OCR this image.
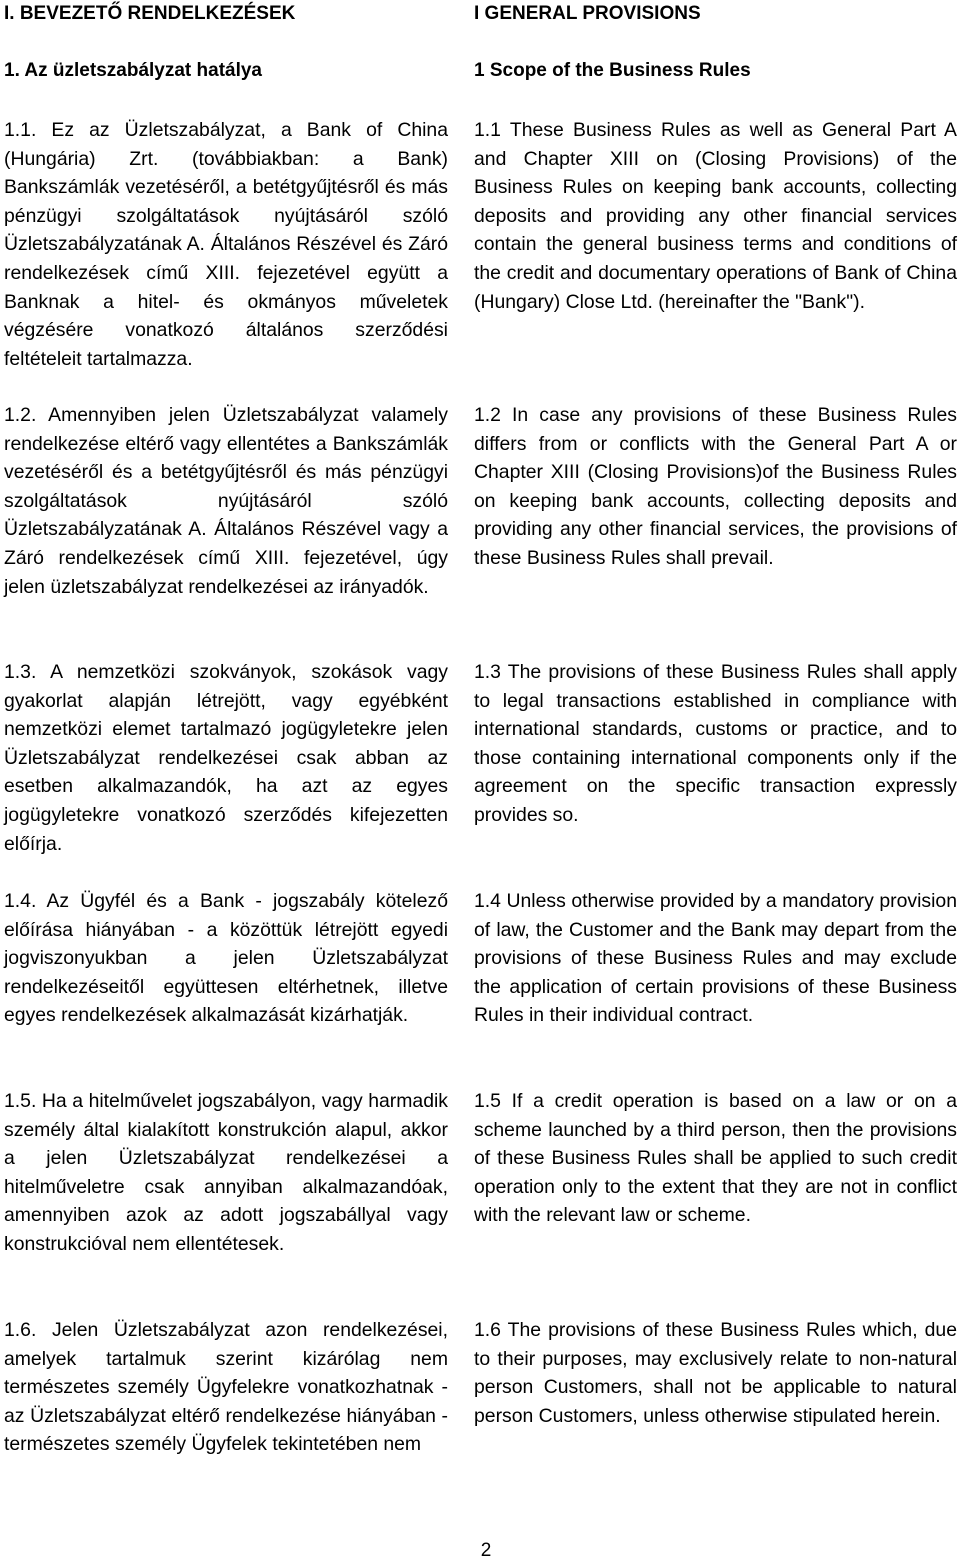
I. BEVEZETŐ RENDELKEZÉSEK
1. Az üzletszabályzat hatálya
1.1. Ez az Üzletszabályzat, a Bank of China (Hungária) Zrt. (továbbiakban: a Bank) Bankszámlák vezetéséről, a betétgyűjtésről és más pénzügyi szolgáltatások nyújtásáról szóló Üzletszabályzatának A. Általános Részével és Záró rendelkezések című XIII. fejezetével együtt a Banknak a hitel- és okmányos műveletek végzésére vonatkozó általános szerződési feltételeit tartalmazza.
1.2. Amennyiben jelen Üzletszabályzat valamely rendelkezése eltérő vagy ellentétes a Bankszámlák vezetéséről és a betétgyűjtésről és más pénzügyi szolgáltatások nyújtásáról szóló Üzletszabályzatának A. Általános Részével vagy a Záró rendelkezések című XIII. fejezetével, úgy jelen üzletszabályzat rendelkezései az irányadók.
1.3. A nemzetközi szokványok, szokások vagy gyakorlat alapján létrejött, vagy egyébként nemzetközi elemet tartalmazó jogügyletekre jelen Üzletszabályzat rendelkezései csak abban az esetben alkalmazandók, ha azt az egyes jogügyletekre vonatkozó szerződés kifejezetten előírja.
1.4. Az Ügyfél és a Bank - jogszabály kötelező előírása hiányában - a közöttük létrejött egyedi jogviszonyukban a jelen Üzletszabályzat rendelkezéseitől együttesen eltérhetnek, illetve egyes rendelkezések alkalmazását kizárhatják.
1.5. Ha a hitelművelet jogszabályon, vagy harmadik személy által kialakított konstrukción alapul, akkor a jelen Üzletszabályzat rendelkezései a hitelműveletre csak annyiban alkalmazandóak, amennyiben azok az adott jogszabállyal vagy konstrukcióval nem ellentétesek.
1.6. Jelen Üzletszabályzat azon rendelkezései, amelyek tartalmuk szerint kizárólag nem természetes személy Ügyfelekre vonatkozhatnak - az Üzletszabályzat eltérő rendelkezése hiányában - természetes személy Ügyfelek tekintetében nem
I GENERAL PROVISIONS
1 Scope of the Business Rules
1.1 These Business Rules as well as General Part A and Chapter XIII on (Closing Provisions) of the Business Rules on keeping bank accounts, collecting deposits and providing any other financial services contain the general business terms and conditions of the credit and documentary operations of Bank of China (Hungary) Close Ltd. (hereinafter the "Bank").
1.2 In case any provisions of these Business Rules differs from or conflicts with the General Part A or Chapter XIII (Closing Provisions)of the Business Rules on keeping bank accounts, collecting deposits and providing any other financial services, the provisions of these Business Rules shall prevail.
1.3 The provisions of these Business Rules shall apply to legal transactions established in compliance with international standards, customs or practice, and to those containing international components only if the agreement on the specific transaction expressly provides so.
1.4 Unless otherwise provided by a mandatory provision of law, the Customer and the Bank may depart from the provisions of these Business Rules and may exclude the application of certain provisions of these Business Rules in their individual contract.
1.5 If a credit operation is based on a law or on a scheme launched by a third person, then the provisions of these Business Rules shall be applied to such credit operation only to the extent that they are not in conflict with the relevant law or scheme.
1.6 The provisions of these Business Rules which, due to their purposes, may exclusively relate to non-natural person Customers, shall not be applicable to natural person Customers, unless otherwise stipulated herein.
2
